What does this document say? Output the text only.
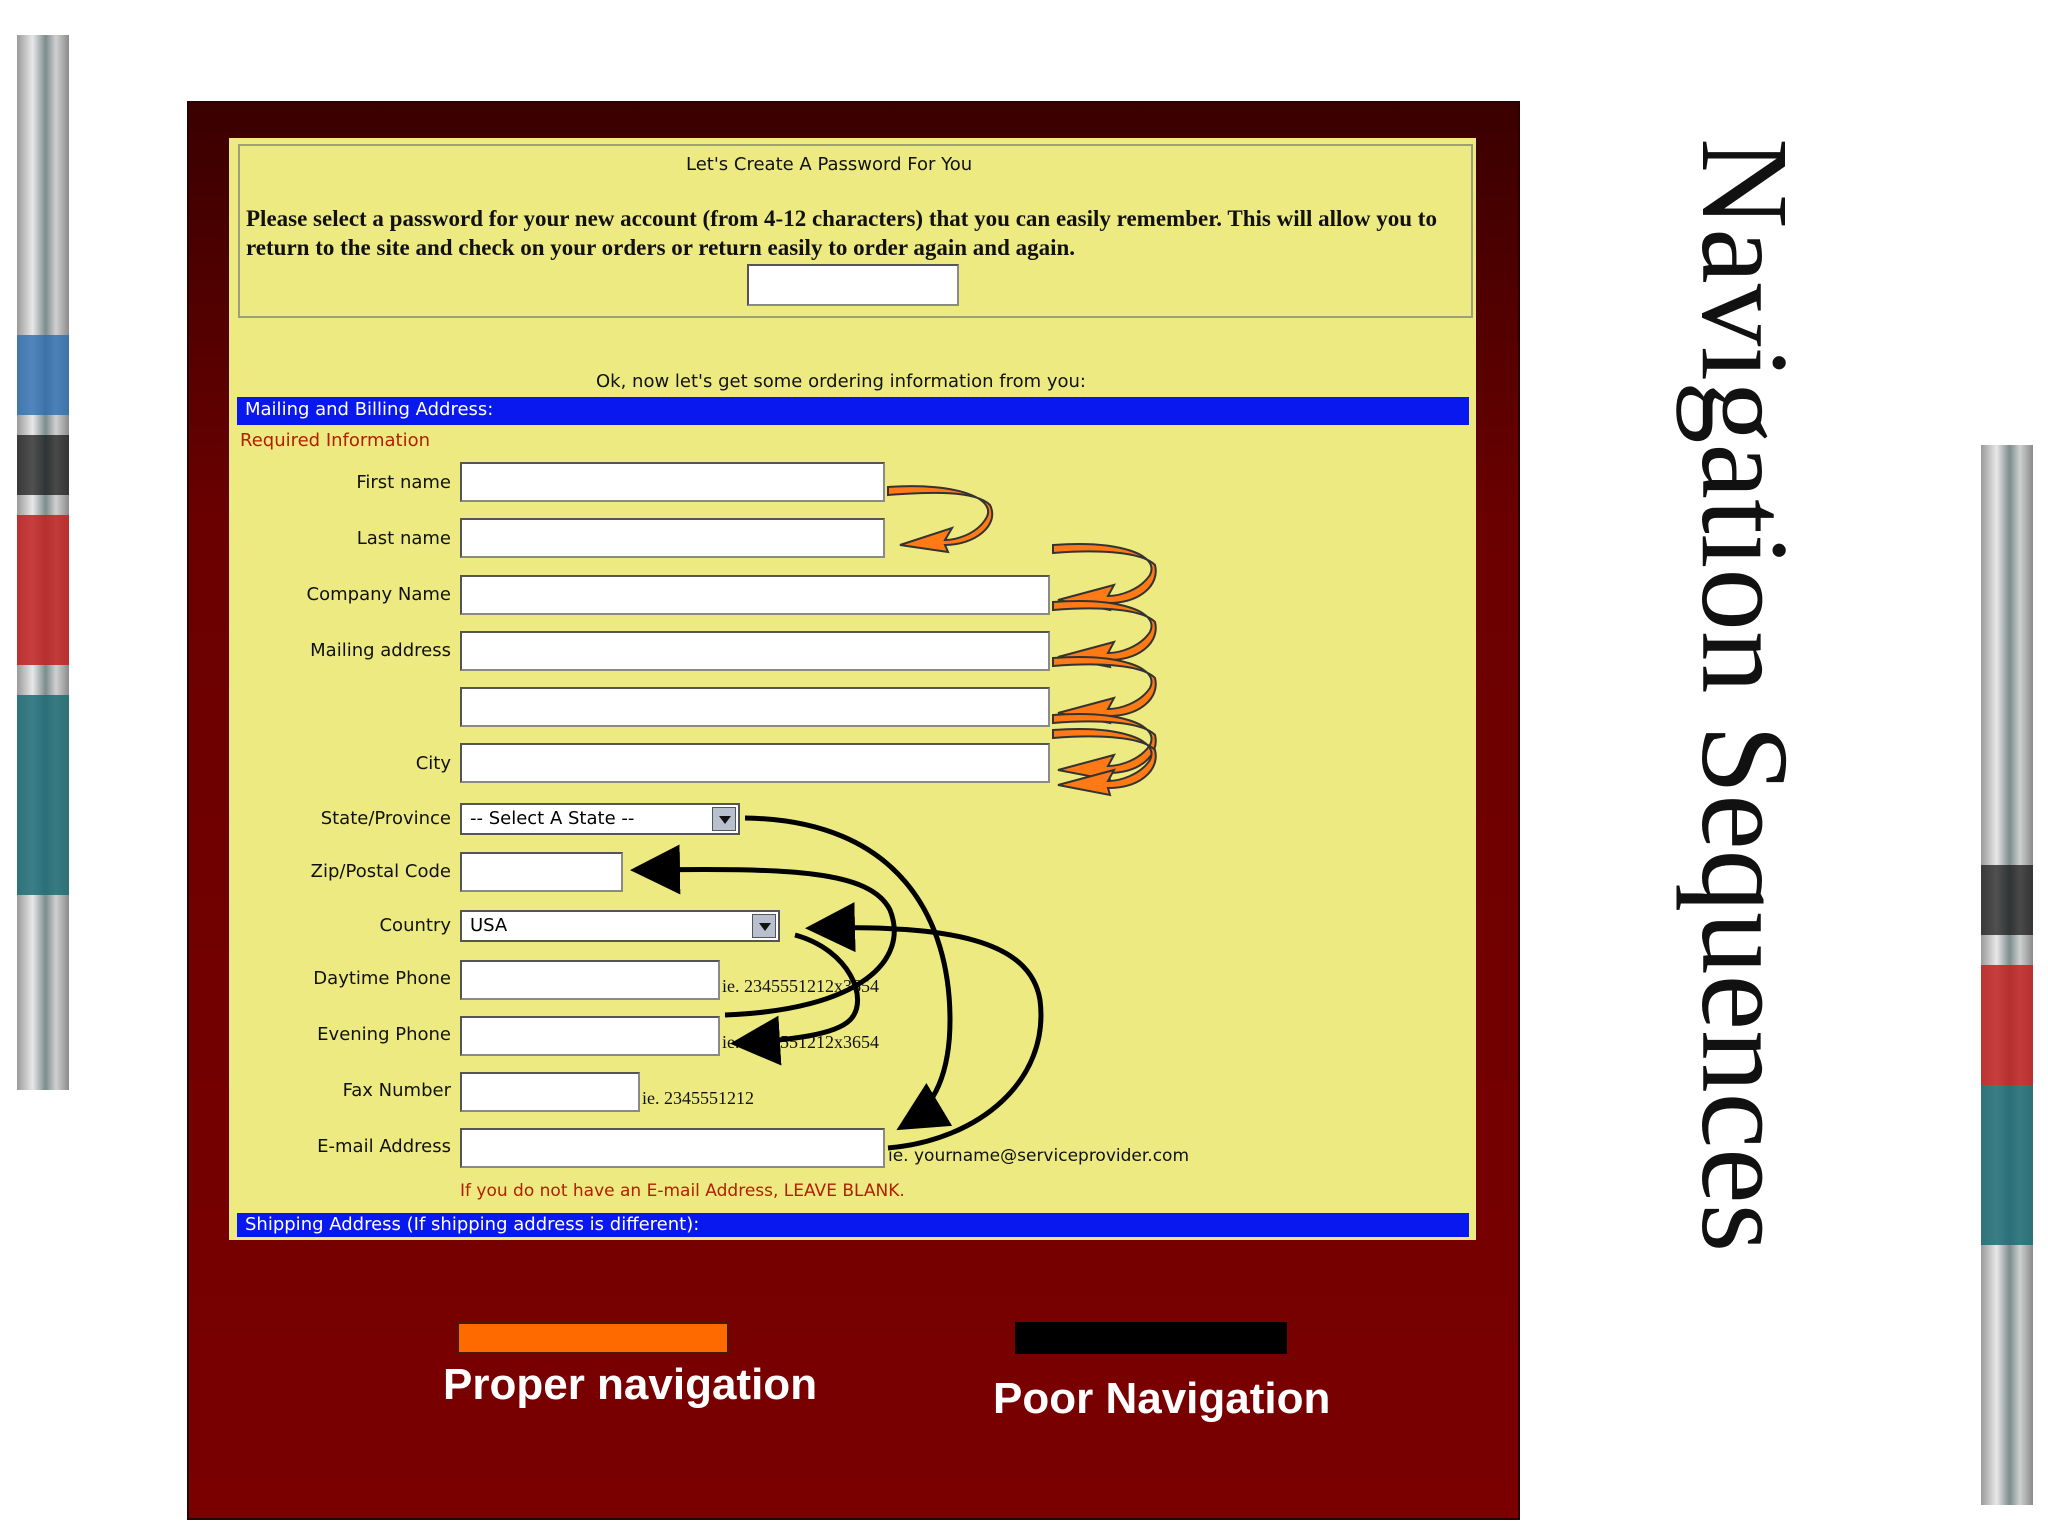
Navigation Sequences
Let's Create A Password For You
Please select a password for your new account (from 4-12 characters) that you can easily remember. This will allow you to return to the site and check on your orders or return easily to order again and again.
Ok, now let's get some ordering information from you:
Mailing and Billing Address:
Required Information
First name
Last name
Company Name
Mailing address
City
State/Province
Zip/Postal Code
Country
Daytime Phone
Evening Phone
Fax Number
E-mail Address
-- Select A State --
USA
ie. 2345551212x3654
ie. 2345551212x3654
ie. 2345551212
ie. yourname@serviceprovider.com
If you do not have an E-mail Address, LEAVE BLANK.
Shipping Address (If shipping address is different):
Proper navigation	Poor Navigation
